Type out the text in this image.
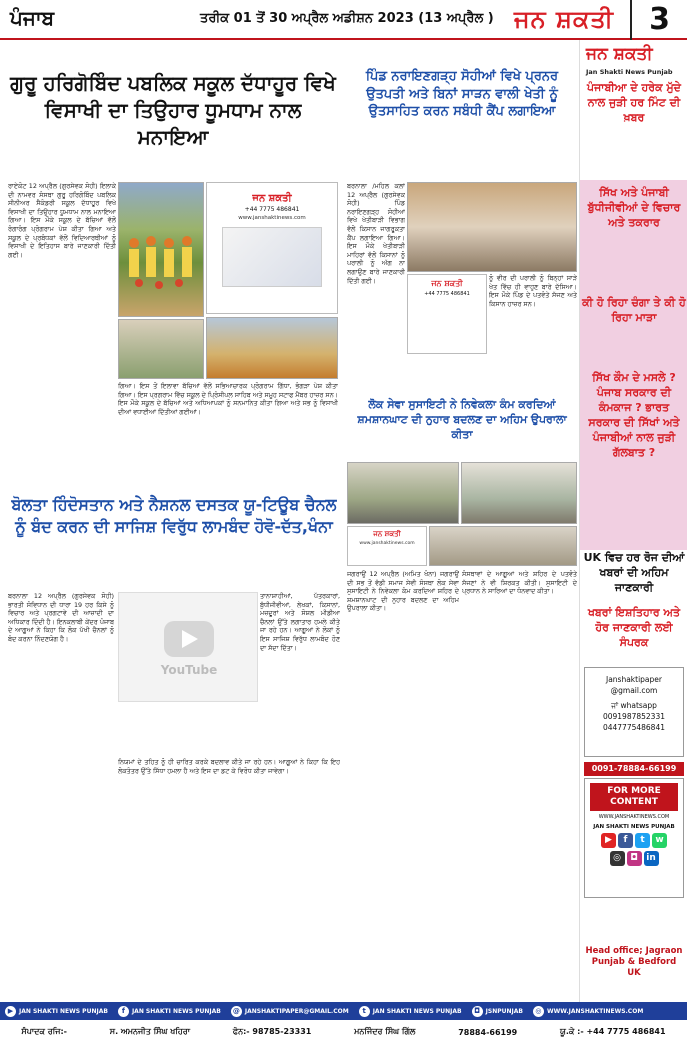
ਪੰਜਾਬ	ਤਰੀਕ 01 ਤੋਂ 30 ਅਪ੍ਰੈਲ ਅਡੀਸ਼ਨ 2023 (13 ਅਪ੍ਰੈਲ ) ਜਨ ਸ਼ਕਤੀ	3
ਗੁਰੂ ਹਰਿਗੋਬਿੰਦ ਪਬਲਿਕ ਸਕੂਲ ਦੱਧਾਹੂਰ ਵਿਖੇ ਵਿਸਾਖੀ ਦਾ ਤਿਉਹਾਰ ਧੂਮਧਾਮ ਨਾਲ ਮਨਾਇਆ
ਰਾਏਕੋਟ 12 ਅਪ੍ਰੈਲ (ਗੁਰਸੇਵਕ ਸੋਹੀ) ਇਲਾਕੇ ਦੀ ਨਾਮਵਰ ਸੰਸਥਾ ਗੁਰੂ ਹਰਿਗੋਬਿੰਦ ਪਬਲਿਕ ਸੀਨੀਅਰ ਸੈਕੰਡਰੀ ਸਕੂਲ ਦੱਧਾਹੂਰ ਵਿਖੇ ਵਿਸਾਖੀ ਦਾ ਤਿਉਹਾਰ ਧੂਮਧਾਮ ਨਾਲ ਮਨਾਇਆ ਗਿਆ। ਇਸ ਮੌਕੇ ਸਕੂਲ ਦੇ ਬੱਚਿਆਂ ਵੱਲੋਂ ਰੰਗਾਰੰਗ ਪ੍ਰੋਗਰਾਮ ਪੇਸ਼ ਕੀਤਾ ਗਿਆ ਅਤੇ ਸਕੂਲ ਦੇ ਪ੍ਰਬੰਧਕਾਂ ਵੱਲੋਂ ਵਿਦਿਆਰਥੀਆਂ ਨੂੰ ਵਿਸਾਖੀ ਦੇ ਇਤਿਹਾਸ ਬਾਰੇ ਜਾਣਕਾਰੀ ਦਿੱਤੀ ਗਈ।
ਜਨ ਸ਼ਕਤੀ
+44 7775 486841
www.janshaktinews.com
ਗਿਆ। ਇਸ ਤੋਂ ਇਲਾਵਾ ਬੱਚਿਆਂ ਵੱਲੋਂ ਸਭਿਆਚਾਰਕ ਪ੍ਰੋਗਰਾਮ ਗਿੱਧਾ, ਭੰਗੜਾ ਪੇਸ਼ ਕੀਤਾ ਗਿਆ। ਇਸ ਪ੍ਰਗਰਾਮ ਵਿੱਚ ਸਕੂਲ ਦੇ ਪ੍ਰਿੰਸੀਪਲ ਸਾਹਿਬ ਅਤੇ ਸਮੂਹ ਸਟਾਫ ਮੈਂਬਰ ਹਾਜ਼ਰ ਸਨ। ਇਸ ਮੌਕੇ ਸਕੂਲ ਦੇ ਬੱਚਿਆਂ ਅਤੇ ਅਧਿਆਪਕਾਂ ਨੂੰ ਸਨਮਾਨਿਤ ਕੀਤਾ ਗਿਆ ਅਤੇ ਸਭ ਨੂੰ ਵਿਸਾਖੀ ਦੀਆਂ ਵਧਾਈਆਂ ਦਿੱਤੀਆਂ ਗਈਆਂ।
ਪਿੰਡ ਨਰਾਇਣਗੜ੍ਹ ਸੋਹੀਆਂ ਵਿਖੇ ਪ੍ਰਨਰ ਉਤਪਤੀ ਅਤੇ ਬਿਨਾਂ ਸਾੜਨ ਵਾਲੀ ਖੇਤੀ ਨੂੰ ਉਤਸਾਹਿਤ ਕਰਨ ਸਬੰਧੀ ਕੈਂਪ ਲਗਾਇਆ
ਬਰਨਾਲਾ /ਮਹਿਲ ਕਲਾਂ 12 ਅਪ੍ਰੈਲ (ਗੁਰਸੇਵਕ ਸੋਹੀ) ਪਿੰਡ ਨਰਾਇਣਗੜ੍ਹ ਸੋਹੀਆਂ ਵਿਖੇ ਖੇਤੀਬਾੜੀ ਵਿਭਾਗ ਵੱਲੋਂ ਕਿਸਾਨ ਜਾਗਰੂਕਤਾ ਕੈਂਪ ਲਗਾਇਆ ਗਿਆ। ਇਸ ਮੌਕੇ ਖੇਤੀਬਾੜੀ ਮਾਹਿਰਾਂ ਵੱਲੋਂ ਕਿਸਾਨਾਂ ਨੂੰ ਪਰਾਲੀ ਨੂੰ ਅੱਗ ਨਾ ਲਗਾਉਣ ਬਾਰੇ ਜਾਣਕਾਰੀ ਦਿੱਤੀ ਗਈ।	ਜਨ ਸ਼ਕਤੀ
+44 7775 486841
ਨੂੰ ਵੀਰ ਦੀ ਪਰਾਲੀ ਨੂੰ ਬਿਨ੍ਹਾਂ ਸਾੜੇ ਖੇਤ ਵਿੱਚ ਹੀ ਵਾਹੁਣ ਬਾਰੇ ਦੱਸਿਆ। ਇਸ ਮੌਕੇ ਪਿੰਡ ਦੇ ਪਤਵੰਤੇ ਸੱਜਣ ਅਤੇ ਕਿਸਾਨ ਹਾਜ਼ਰ ਸਨ।
ਲੋਕ ਸੇਵਾ ਸੁਸਾਇਟੀ ਨੇ ਨਿਵੇਕਲਾ ਕੰਮ ਕਰਦਿਆਂ ਸ਼ਮਸ਼ਾਨਘਾਟ ਦੀ ਨੁਹਾਰ ਬਦਲਣ ਦਾ ਅਹਿਮ ਉਪਰਾਲਾ ਕੀਤਾ
ਜਨ ਸ਼ਕਤੀ
www.janshaktinews.com
ਜਗਰਾਉਂ 12 ਅਪ੍ਰੈਲ (ਅਮਿਤ ਖੰਨਾ) ਜਗਰਾਉਂ ਦੀ ਸਭ ਤੋਂ ਵੱਡੀ ਸਮਾਜ ਸੇਵੀ ਸੰਸਥਾ ਲੋਕ ਸੇਵਾ ਸੁਸਾਇਟੀ ਨੇ ਨਿਵੇਕਲਾ ਕੰਮ ਕਰਦਿਆਂ ਸ਼ਹਿਰ ਦੇ ਸ਼ਮਸ਼ਾਨਘਾਟ ਦੀ ਨੁਹਾਰ ਬਦਲਣ ਦਾ ਅਹਿਮ ਉਪਰਾਲਾ ਕੀਤਾ।
ਸੰਸਥਾਵਾਂ ਦੇ ਆਗੂਆਂ ਅਤੇ ਸ਼ਹਿਰ ਦੇ ਪਤਵੰਤੇ ਸੱਜਣਾਂ ਨੇ ਵੀ ਸ਼ਿਰਕਤ ਕੀਤੀ। ਸੁਸਾਇਟੀ ਦੇ ਪ੍ਰਧਾਨ ਨੇ ਸਾਰਿਆਂ ਦਾ ਧੰਨਵਾਦ ਕੀਤਾ।
ਬੋਲਤਾ ਹਿੰਦੋਸਤਾਨ ਅਤੇ ਨੈਸ਼ਨਲ ਦਸਤਕ ਯੂ-ਟਿਊਬ ਚੈਨਲ ਨੂੰ ਬੰਦ ਕਰਨ ਦੀ ਸਾਜਿਸ਼ ਵਿਰੁੱਧ ਲਾਮਬੰਦ ਹੋਵੋ-ਦੱਤ,ਖੰਨਾ
ਬਰਨਾਲਾ 12 ਅਪ੍ਰੈਲ (ਗੁਰਸੇਵਕ ਸੋਹੀ) ਭਾਰਤੀ ਸੰਵਿਧਾਨ ਦੀ ਧਾਰਾ 19 ਹਰ ਕਿਸੇ ਨੂੰ ਵਿਚਾਰ ਅਤੇ ਪ੍ਰਗਟਾਵੇ ਦੀ ਆਜ਼ਾਦੀ ਦਾ ਅਧਿਕਾਰ ਦਿੰਦੀ ਹੈ। ਇਨਕਲਾਬੀ ਕੇਂਦਰ ਪੰਜਾਬ ਦੇ ਆਗੂਆਂ ਨੇ ਕਿਹਾ ਕਿ ਲੋਕ ਪੱਖੀ ਚੈਨਲਾਂ ਨੂੰ ਬੰਦ ਕਰਨਾ ਨਿੰਦਣਯੋਗ ਹੈ।
YouTube
ਤਾਨਾਸ਼ਾਹੀਆਂ, ਪੱਤਰਕਾਰਾਂ, ਬੁੱਧੀਜੀਵੀਆਂ, ਲੇਖਕਾਂ, ਕਿਸਾਨਾਂ, ਮਜ਼ਦੂਰਾਂ ਅਤੇ ਸੋਸ਼ਲ ਮੀਡੀਆ ਚੈਨਲਾਂ ਉੱਤੇ ਲਗਾਤਾਰ ਹਮਲੇ ਕੀਤੇ ਜਾ ਰਹੇ ਹਨ। ਆਗੂਆਂ ਨੇ ਲੋਕਾਂ ਨੂੰ ਇਸ ਸਾਜਿਸ਼ ਵਿਰੁੱਧ ਲਾਮਬੰਦ ਹੋਣ ਦਾ ਸੱਦਾ ਦਿੱਤਾ।
ਨਿਯਮਾਂ ਦੇ ਤਹਿਤ ਨੂੰ ਹੀ ਚਾਰਿਤ ਕਰਕੇ ਬਦਲਾਵ ਕੀਤੇ ਜਾ ਰਹੇ ਹਨ। ਆਗੂਆਂ ਨੇ ਕਿਹਾ ਕਿ ਇਹ ਲੋਕਤੰਤਰ ਉੱਤੇ ਸਿੱਧਾ ਹਮਲਾ ਹੈ ਅਤੇ ਇਸ ਦਾ ਡਟ ਕੇ ਵਿਰੋਧ ਕੀਤਾ ਜਾਵੇਗਾ।
ਜਨ ਸ਼ਕਤੀ
Jan Shakti News Punjab
ਪੰਜਾਬੀਆ ਦੇ ਹਰੇਕ ਮੁੱਦੇ ਨਾਲ ਜੁੜੀ ਹਰ ਮਿੰਟ ਦੀ ਖ਼ਬਰ
ਸਿੱਖ ਅਤੇ ਪੰਜਾਬੀ ਬੁੱਧੀਜੀਵੀਆਂ ਦੇ ਵਿਚਾਰ ਅਤੇ ਤਕਰਾਰ
ਕੀ ਹੋ ਰਿਹਾ ਚੰਗਾ ਤੇ ਕੀ ਹੋ ਰਿਹਾ ਮਾੜਾ
ਸਿੱਖ ਕੌਮ ਦੇ ਮਸਲੇ ? ਪੰਜਾਬ ਸਰਕਾਰ ਦੀ ਕੰਮਕਾਜ ? ਭਾਰਤ ਸਰਕਾਰ ਦੀ ਸਿੱਖਾਂ ਅਤੇ ਪੰਜਾਬੀਆਂ ਨਾਲ ਜੁੜੀ ਗੱਲਬਾਤ ?
UK ਵਿਚ ਹਰ ਰੋਜ ਦੀਆਂ ਖਬਰਾਂ ਦੀ ਅਹਿਮ ਜਾਣਕਾਰੀ
ਖਬਰਾਂ ਇਸ਼ਤਿਹਾਰ ਅਤੇ ਹੋਰ ਜਾਣਕਾਰੀ ਲਈ ਸੰਪਰਕ
Janshaktipaper @gmail.com
ਜਾਂ whatsapp
0091987852331
0447775486841
0091-78884-66199
FOR MORE CONTENT
WWW.JANSHAKTINEWS.COM
JAN SHAKTI NEWS PUNJAB
▶	f	t	w
◎	◘ in
Head office; Jagraon Punjab & Bedford UK
▶ JAN SHAKTI NEWS PUNJAB	f	JAN SHAKTI NEWS PUNJAB @ JANSHAKTIPAPER@GMAIL.COM	t	JAN SHAKTI NEWS PUNJAB	◘ JSNPUNJAB	◎ WWW.JANSHAKTINEWS.COM
ਸੰਪਾਦਕ ਰਜਿ:-	ਸ. ਅਮਨਜੀਤ ਸਿੰਘ ਖਹਿਰਾ	ਫੋਨ:- 98785-23331	ਮਨਜਿੰਦਰ ਸਿੰਘ ਗਿੱਲ	78884-66199	ਯੂ.ਕੇ :- +44 7775 486841
